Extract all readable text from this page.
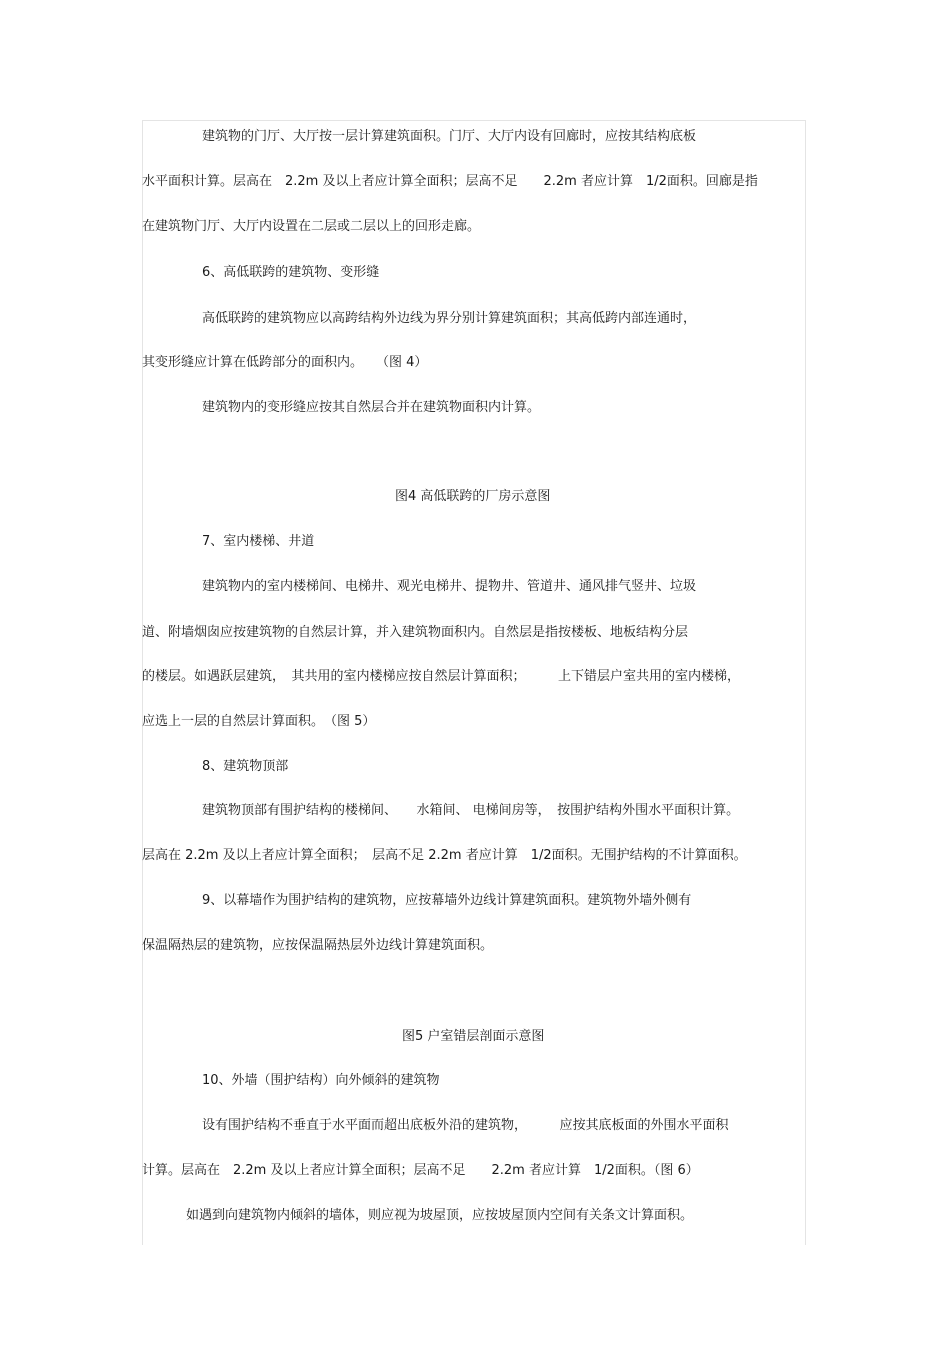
建筑物的门厅、大厅按一层计算建筑面积。门厅、大厅内设有回廊时，应按其结构底板
水平面积计算。层高在　2.2m 及以上者应计算全面积；层高不足　　2.2m 者应计算　1/2面积。回廊是指
在建筑物门厅、大厅内设置在二层或二层以上的回形走廊。
6、高低联跨的建筑物、变形缝
高低联跨的建筑物应以高跨结构外边线为界分别计算建筑面积；其高低跨内部连通时，
其变形缝应计算在低跨部分的面积内。　　（图 4）
建筑物内的变形缝应按其自然层合并在建筑物面积内计算。
图4 高低联跨的厂房示意图
7、室内楼梯、井道
建筑物内的室内楼梯间、电梯井、观光电梯井、提物井、管道井、通风排气竖井、垃圾
道、附墙烟囱应按建筑物的自然层计算，并入建筑物面积内。自然层是指按楼板、地板结构分层
的楼层。如遇跃层建筑，　其共用的室内楼梯应按自然层计算面积；　　　上下错层户室共用的室内楼梯，
应选上一层的自然层计算面积。　（图 5）
8、建筑物顶部
建筑物顶部有围护结构的楼梯间、　　水箱间、 电梯间房等，　按围护结构外围水平面积计算。
层高在 2.2m 及以上者应计算全面积；　层高不足 2.2m 者应计算　1/2面积。无围护结构的不计算面积。
9、以幕墙作为围护结构的建筑物，应按幕墙外边线计算建筑面积。建筑物外墙外侧有
保温隔热层的建筑物，应按保温隔热层外边线计算建筑面积。
图5 户室错层剖面示意图
10、外墙（围护结构）向外倾斜的建筑物
设有围护结构不垂直于水平面而超出底板外沿的建筑物，　　　应按其底板面的外围水平面积
计算。层高在　2.2m 及以上者应计算全面积；层高不足　　2.2m 者应计算　1/2面积。（图 6）
如遇到向建筑物内倾斜的墙体，则应视为坡屋顶，应按坡屋顶内空间有关条文计算面积。
